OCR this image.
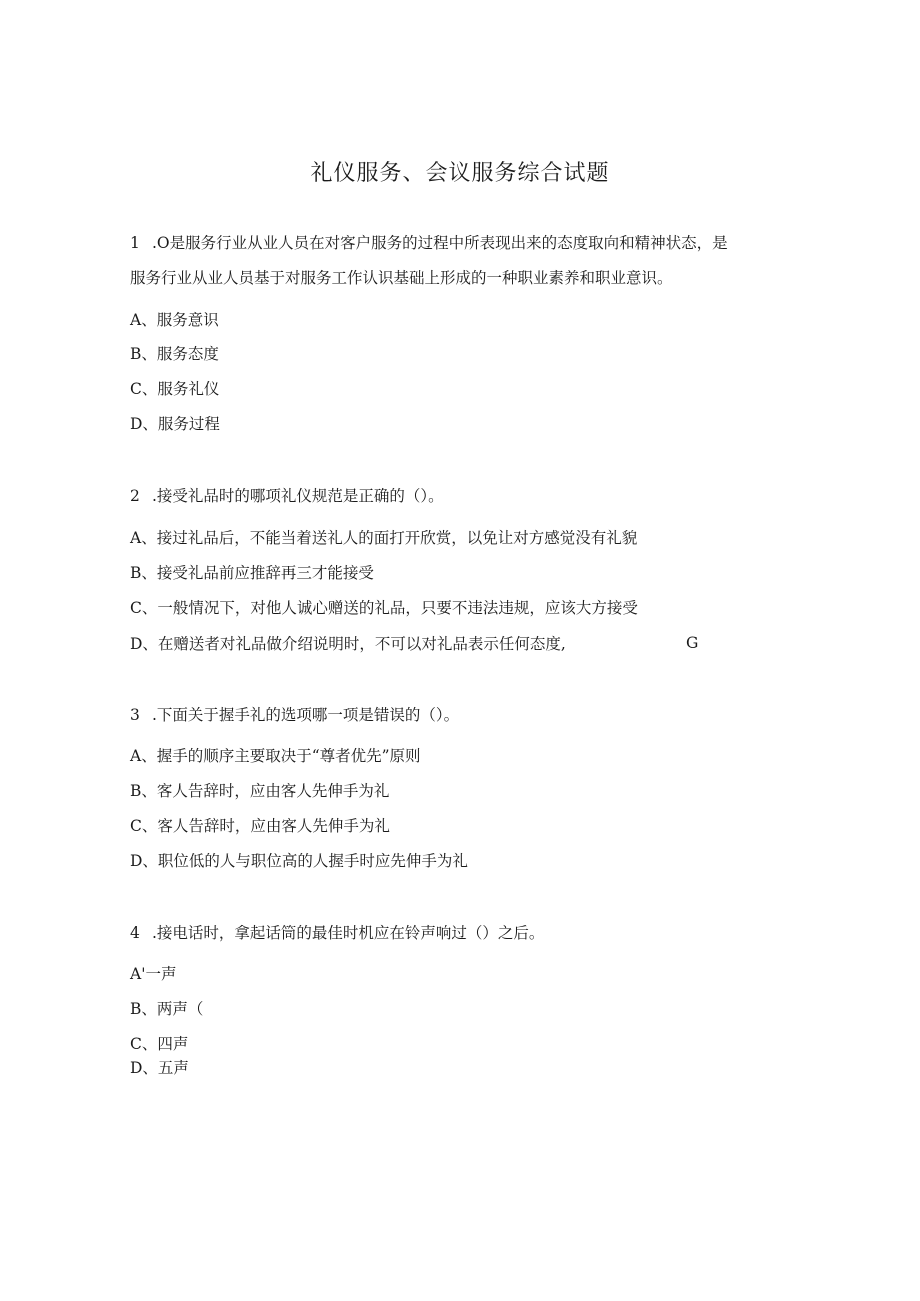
礼仪服务、会议服务综合试题
1 .O是服务行业从业人员在对客户服务的过程中所表现出来的态度取向和精神状态，是
服务行业从业人员基于对服务工作认识基础上形成的一种职业素养和职业意识。
A、服务意识
B、服务态度
C、服务礼仪
D、服务过程
2 .接受礼品时的哪项礼仪规范是正确的（）。
A、接过礼品后，不能当着送礼人的面打开欣赏，以免让对方感觉没有礼貌
B、接受礼品前应推辞再三才能接受
C、一般情况下，对他人诚心赠送的礼品，只要不违法违规，应该大方接受
D、在赠送者对礼品做介绍说明时，不可以对礼品表示任何态度,	G
3 .下面关于握手礼的选项哪一项是错误的（）。
A、握手的顺序主要取决于“尊者优先”原则
B、客人告辞时，应由客人先伸手为礼
C、客人告辞时，应由客人先伸手为礼
D、职位低的人与职位高的人握手时应先伸手为礼
4 .接电话时，拿起话筒的最佳时机应在铃声响过（）之后。
A'一声
B、两声（
C、四声
D、五声
